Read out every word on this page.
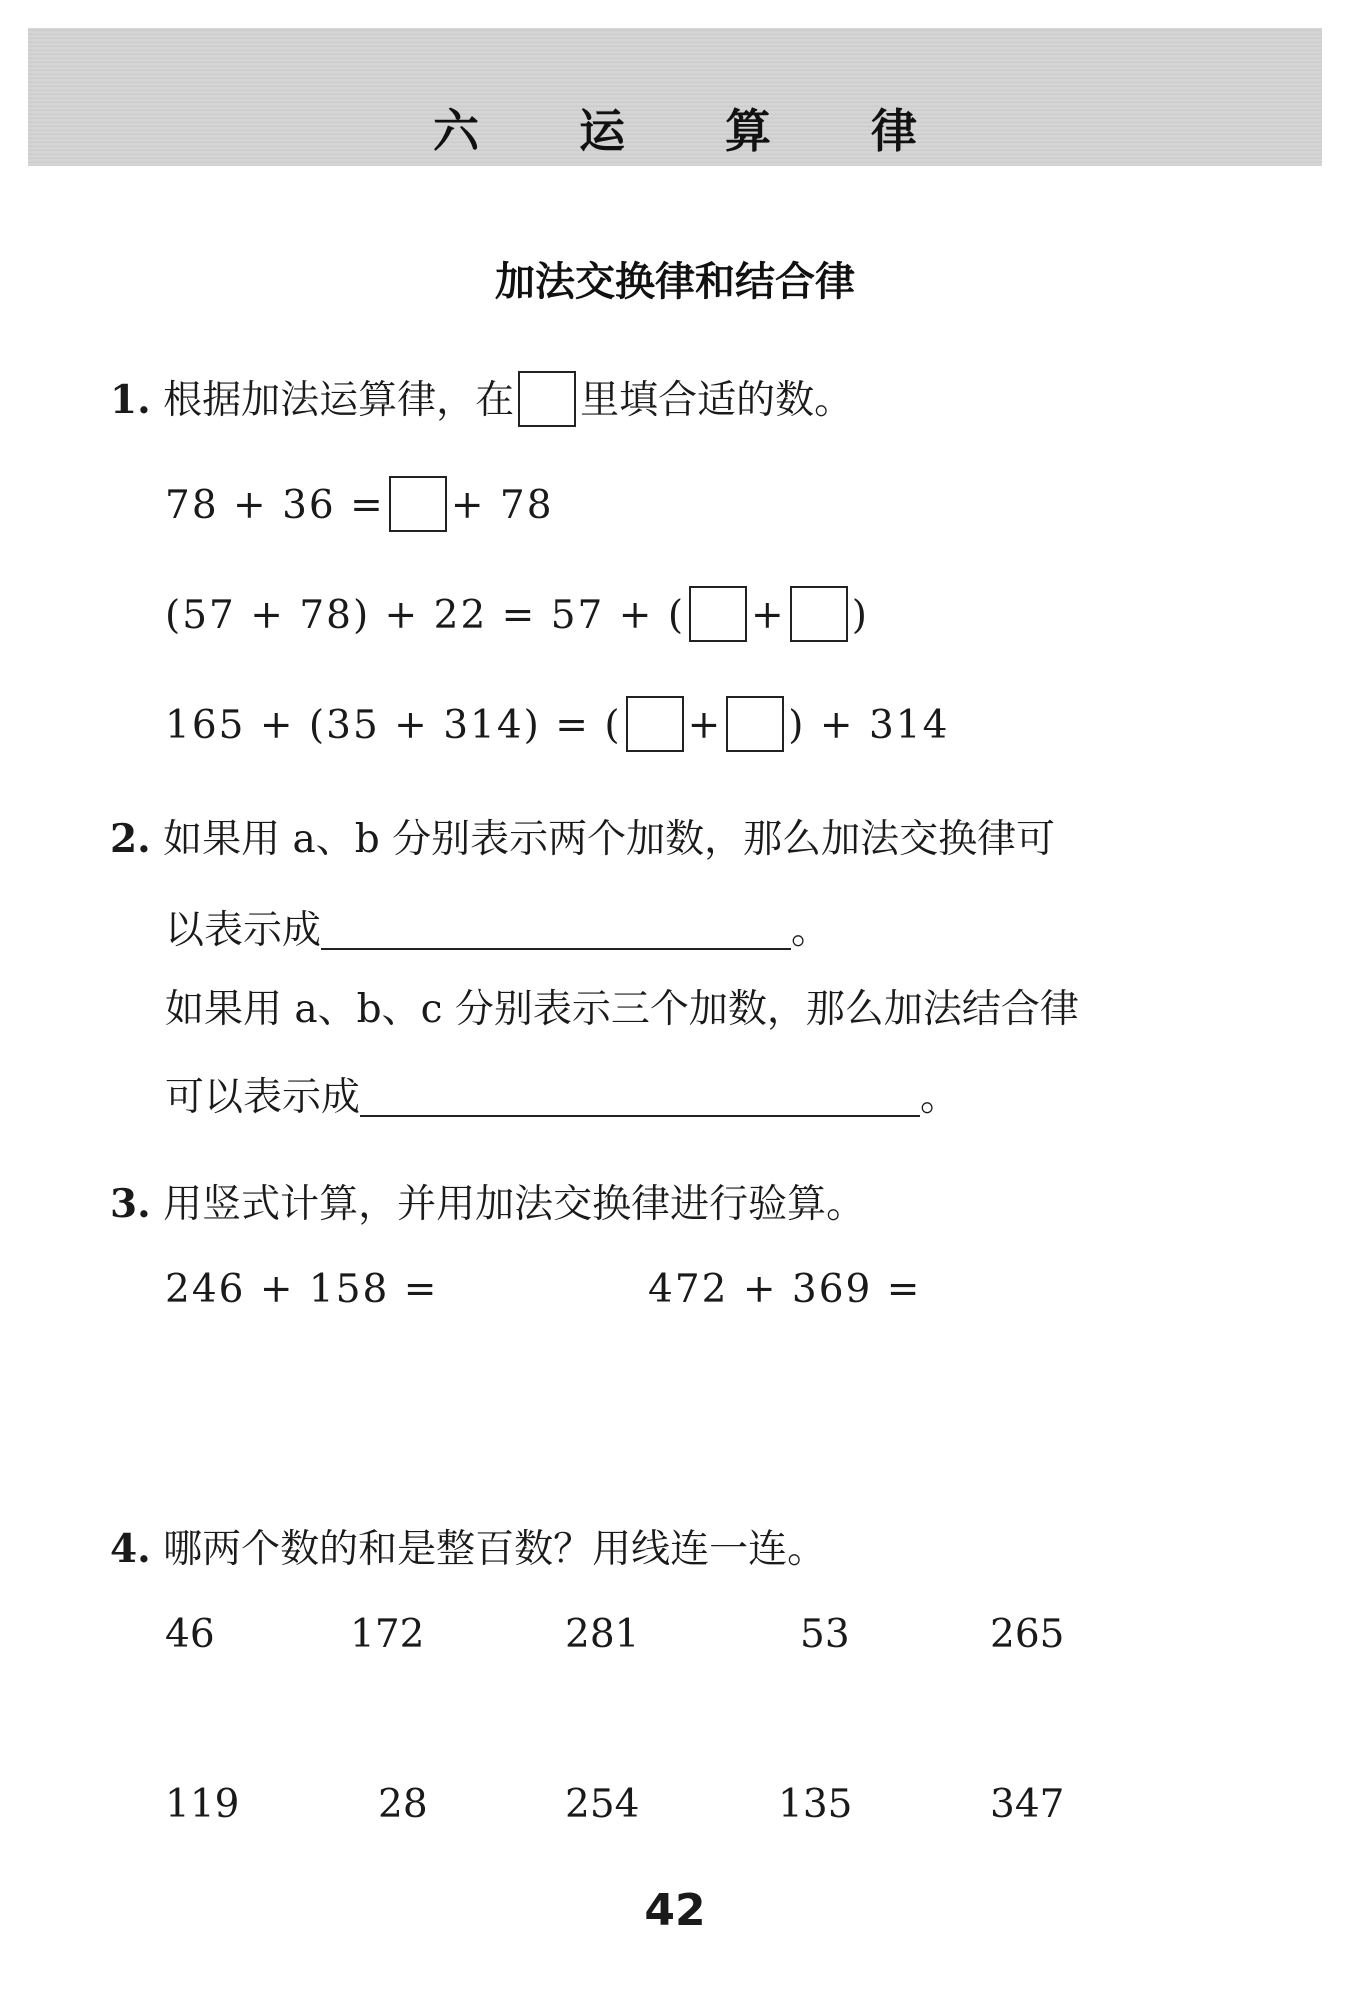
六 运 算 律
加法交换律和结合律
1. 根据加法运算律，在 里填合适的数。
78 + 36 = + 78
(57 + 78) + 22 = 57 + ( + )
165 + (35 + 314) = ( + ) + 314
2. 如果用 a、b 分别表示两个加数，那么加法交换律可
以表示成	。
如果用 a、b、c 分别表示三个加数，那么加法结合律
可以表示成	。
3. 用竖式计算，并用加法交换律进行验算。
246 + 158 =	472 + 369 =
4. 哪两个数的和是整百数？用线连一连。
46	172	281	53	265
119	28	254	135	347
42
